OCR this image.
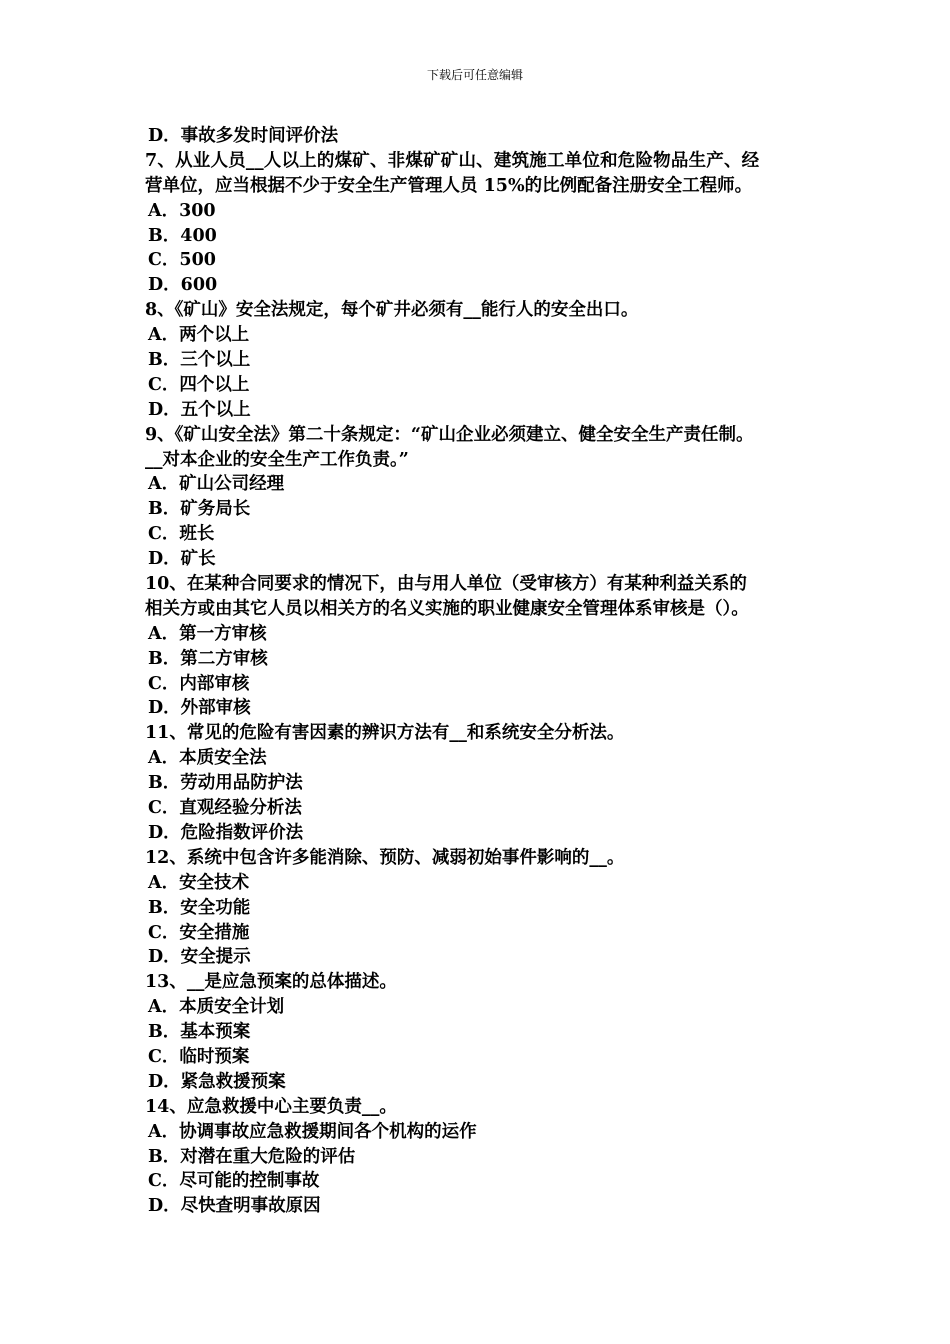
下载后可任意编辑
D．事故多发时间评价法
7、从业人员__人以上的煤矿、非煤矿矿山、建筑施工单位和危险物品生产、经
营单位，应当根据不少于安全生产管理人员 15%的比例配备注册安全工程师。
A．300
B．400
C．500
D．600
8、《矿山》安全法规定，每个矿井必须有__能行人的安全出口。
A．两个以上
B．三个以上
C．四个以上
D．五个以上
9、《矿山安全法》第二十条规定：“矿山企业必须建立、健全安全生产责任制。
__对本企业的安全生产工作负责。”
A．矿山公司经理
B．矿务局长
C．班长
D．矿长
10、在某种合同要求的情况下，由与用人单位（受审核方）有某种利益关系的
相关方或由其它人员以相关方的名义实施的职业健康安全管理体系审核是（）。
A．第一方审核
B．第二方审核
C．内部审核
D．外部审核
11、常见的危险有害因素的辨识方法有__和系统安全分析法。
A．本质安全法
B．劳动用品防护法
C．直观经验分析法
D．危险指数评价法
12、系统中包含许多能消除、预防、减弱初始事件影响的__。
A．安全技术
B．安全功能
C．安全措施
D．安全提示
13、__是应急预案的总体描述。
A．本质安全计划
B．基本预案
C．临时预案
D．紧急救援预案
14、应急救援中心主要负责__。
A．协调事故应急救援期间各个机构的运作
B．对潜在重大危险的评估
C．尽可能的控制事故
D．尽快查明事故原因
